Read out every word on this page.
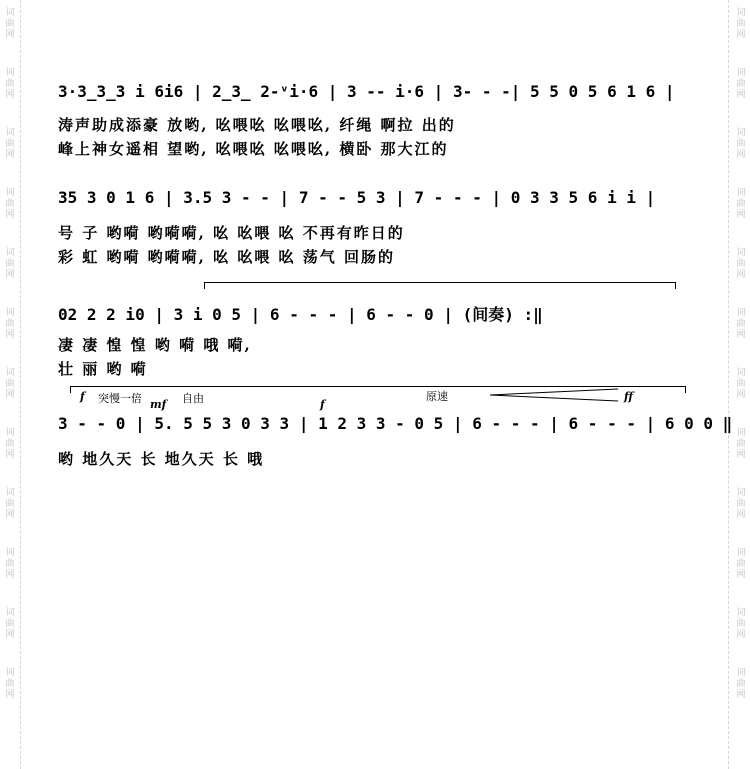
词
曲
网
词
曲
网
词
曲
网
词
曲
网
词
曲
网
词
曲
网
词
曲
网
词
曲
网
词
曲
网
词
曲
网
词
曲
网
词
曲
网
词
曲
网
词
曲
网
词
曲
网
词
曲
网
词
曲
网
词
曲
网
词
曲
网
词
曲
网
词
曲
网
词
曲
网
词
曲
网
词
曲
网
3·3̲3̲3 i 6i6 | 2̲3̲ 2-ᵛi·6 | 3 -- i·6 | 3- - -| 5 5 0 5 6 1 6 |
涛声助成添豪 放哟, 吆喂吆 吆喂吆, 纤绳 啊拉 出的
峰上神女遥相 望哟, 吆喂吆 吆喂吆, 横卧 那大江的
35 3 0 1 6 | 3.5 3 - - | 7 - - 5 3 | 7 - - - | 0 3 3 5 6 i i |
号 子 哟嗬 哟嗬嗬, 吆 吆喂 吆 不再有昨日的
彩 虹 哟嗬 哟嗬嗬, 吆 吆喂 吆 荡气 回肠的
02 2 2 i0 | 3 i 0 5 | 6 - - - | 6 - - 0 | (间奏) :‖
凄 凄 惶 惶 哟 嗬 哦 嗬,
壮 丽 哟 嗬
f 突慢一倍 mf 自由	f
原速	ff
3 - - 0 | 5. 5 5 3 0 3 3 | 1 2 3 3 - 0 5 | 6 - - - | 6 - - - | 6 0 0 ‖
哟 地久天 长 地久天 长 哦
